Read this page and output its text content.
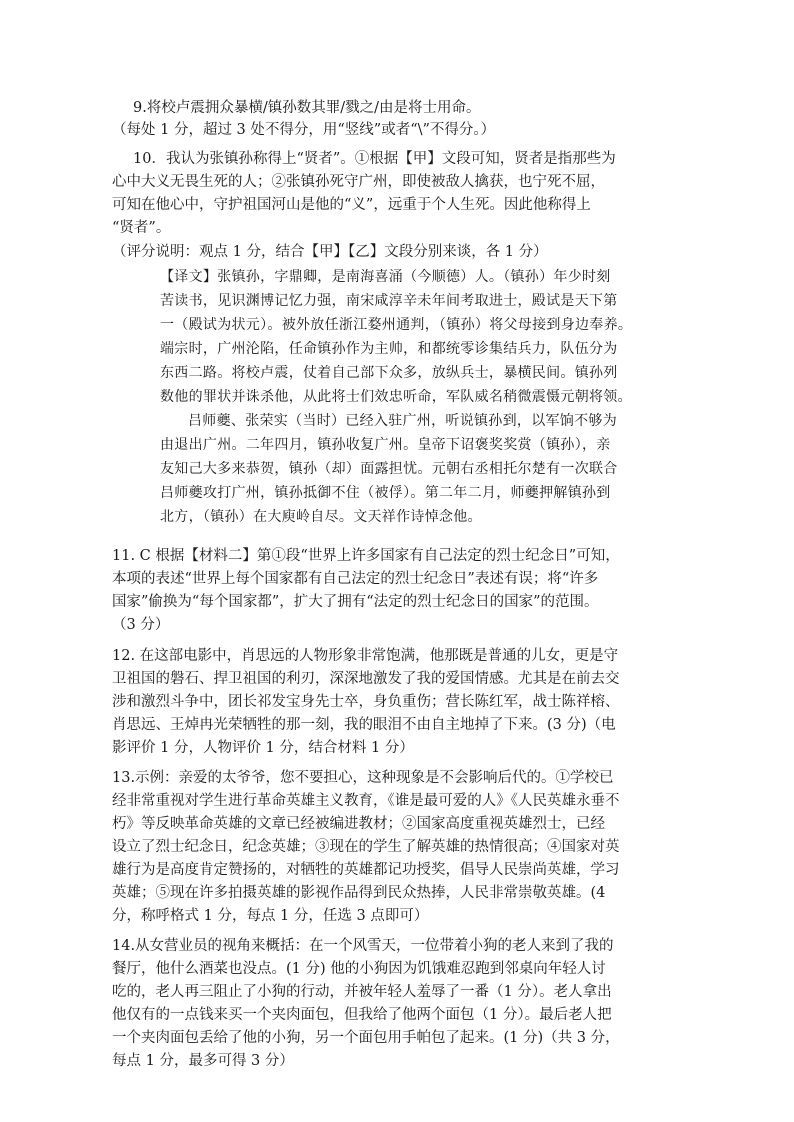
9.将校卢震拥众暴横/镇孙数其罪/戮之/由是将士用命。
（每处 1 分，超过 3 处不得分，用“竖线”或者“\”不得分。）
10．我认为张镇孙称得上“贤者”。①根据【甲】文段可知，贤者是指那些为
心中大义无畏生死的人；②张镇孙死守广州，即使被敌人擒获，也宁死不屈，
可知在他心中，守护祖国河山是他的“义”，远重于个人生死。因此他称得上
“贤者”。
（评分说明：观点 1 分，结合【甲】【乙】文段分别来谈，各 1 分）
【译文】张镇孙，字鼎卿，是南海喜涌（今顺德）人。（镇孙）年少时刻
苦读书，见识渊博记忆力强，南宋咸淳辛未年间考取进士，殿试是天下第
一（殿试为状元）。被外放任浙江婺州通判，（镇孙）将父母接到身边奉养。
端宗时，广州沦陷，任命镇孙作为主帅，和都统零诊集结兵力，队伍分为
东西二路。将校卢震，仗着自己部下众多，放纵兵士，暴横民间。镇孙列
数他的罪状并诛杀他，从此将士们效忠听命，军队威名稍微震慑元朝将领。
吕师夔、张荣实（当时）已经入驻广州，听说镇孙到，以军饷不够为
由退出广州。二年四月，镇孙收复广州。皇帝下诏褒奖奖赏（镇孙），亲
友知己大多来恭贺，镇孙（却）面露担忧。元朝右丞相托尔楚有一次联合
吕师夔攻打广州，镇孙抵御不住（被俘）。第二年二月，师夔押解镇孙到
北方，（镇孙）在大庾岭自尽。文天祥作诗悼念他。
11. C 根据【材料二】第①段“世界上许多国家有自己法定的烈士纪念日”可知，
本项的表述“世界上每个国家都有自己法定的烈士纪念日”表述有误；将“许多
国家”偷换为“每个国家都”，扩大了拥有“法定的烈士纪念日的国家”的范围。
（3 分）
12. 在这部电影中，肖思远的人物形象非常饱满，他那既是普通的儿女，更是守
卫祖国的磐石、捍卫祖国的利刃，深深地激发了我的爱国情感。尤其是在前去交
涉和激烈斗争中，团长祁发宝身先士卒，身负重伤；营长陈红军，战士陈祥榕、
肖思远、王焯冉光荣牺牲的那一刻，我的眼泪不由自主地掉了下来。(3 分)（电
影评价 1 分，人物评价 1 分，结合材料 1 分）
13.示例：亲爱的太爷爷，您不要担心，这种现象是不会影响后代的。①学校已
经非常重视对学生进行革命英雄主义教育，《谁是最可爱的人》《人民英雄永垂不
朽》等反映革命英雄的文章已经被编进教材；②国家高度重视英雄烈士，已经
设立了烈士纪念日，纪念英雄；③现在的学生了解英雄的热情很高；④国家对英
雄行为是高度肯定赞扬的，对牺牲的英雄都记功授奖，倡导人民崇尚英雄，学习
英雄；⑤现在许多拍摄英雄的影视作品得到民众热捧，人民非常崇敬英雄。(4
分，称呼格式 1 分，每点 1 分，任选 3 点即可）
14.从女营业员的视角来概括：在一个风雪天，一位带着小狗的老人来到了我的
餐厅，他什么酒菜也没点。(1 分) 他的小狗因为饥饿难忍跑到邻桌向年轻人讨
吃的，老人再三阻止了小狗的行动，并被年轻人羞辱了一番（1 分）。老人拿出
他仅有的一点钱来买一个夹肉面包，但我给了他两个面包（1 分）。最后老人把
一个夹肉面包丢给了他的小狗，另一个面包用手帕包了起来。(1 分)（共 3 分，
每点 1 分，最多可得 3 分）
